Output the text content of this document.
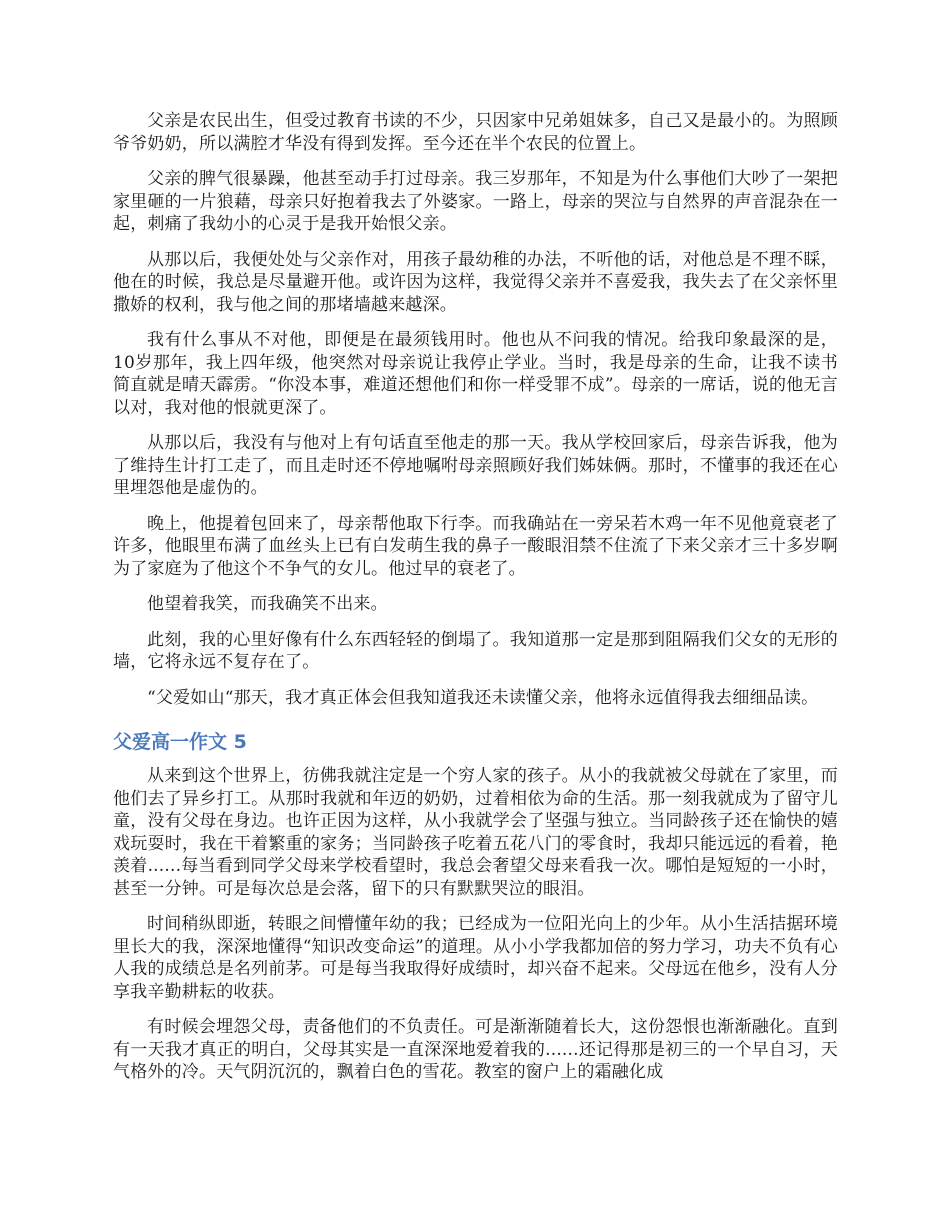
父亲是农民出生，但受过教育书读的不少，只因家中兄弟姐妹多，自己又是最小的。为照顾爷爷奶奶，所以满腔才华没有得到发挥。至今还在半个农民的位置上。

父亲的脾气很暴躁，他甚至动手打过母亲。我三岁那年，不知是为什么事他们大吵了一架把家里砸的一片狼藉，母亲只好抱着我去了外婆家。一路上，母亲的哭泣与自然界的声音混杂在一起，刺痛了我幼小的心灵于是我开始恨父亲。

从那以后，我便处处与父亲作对，用孩子最幼稚的办法，不听他的话，对他总是不理不睬，他在的时候，我总是尽量避开他。或许因为这样，我觉得父亲并不喜爱我，我失去了在父亲怀里撒娇的权利，我与他之间的那堵墙越来越深。

我有什么事从不对他，即便是在最须钱用时。他也从不问我的情况。给我印象最深的是，10岁那年，我上四年级，他突然对母亲说让我停止学业。当时，我是母亲的生命，让我不读书简直就是晴天霹雳。“你没本事，难道还想他们和你一样受罪不成”。母亲的一席话，说的他无言以对，我对他的恨就更深了。

从那以后，我没有与他对上有句话直至他走的那一天。我从学校回家后，母亲告诉我，他为了维持生计打工走了，而且走时还不停地嘱咐母亲照顾好我们姊妹俩。那时，不懂事的我还在心里埋怨他是虚伪的。

晚上，他提着包回来了，母亲帮他取下行李。而我确站在一旁呆若木鸡一年不见他竟衰老了许多，他眼里布满了血丝头上已有白发萌生我的鼻子一酸眼泪禁不住流了下来父亲才三十多岁啊为了家庭为了他这个不争气的女儿。他过早的衰老了。

他望着我笑，而我确笑不出来。

此刻，我的心里好像有什么东西轻轻的倒塌了。我知道那一定是那到阻隔我们父女的无形的墙，它将永远不复存在了。

“父爱如山“那天，我才真正体会但我知道我还未读懂父亲，他将永远值得我去细细品读。

父爱高一作文 5

从来到这个世界上，彷佛我就注定是一个穷人家的孩子。从小的我就被父母就在了家里，而他们去了异乡打工。从那时我就和年迈的奶奶，过着相依为命的生活。那一刻我就成为了留守儿童，没有父母在身边。也许正因为这样，从小我就学会了坚强与独立。当同龄孩子还在愉快的嬉戏玩耍时，我在干着繁重的家务；当同龄孩子吃着五花八门的零食时，我却只能远远的看着，艳羡着......每当看到同学父母来学校看望时，我总会奢望父母来看我一次。哪怕是短短的一小时，甚至一分钟。可是每次总是会落，留下的只有默默哭泣的眼泪。

时间稍纵即逝，转眼之间懵懂年幼的我；已经成为一位阳光向上的少年。从小生活拮据环境里长大的我，深深地懂得“知识改变命运”的道理。从小小学我都加倍的努力学习，功夫不负有心人我的成绩总是名列前茅。可是每当我取得好成绩时，却兴奋不起来。父母远在他乡，没有人分享我辛勤耕耘的收获。

有时候会埋怨父母，责备他们的不负责任。可是渐渐随着长大，这份怨恨也渐渐融化。直到有一天我才真正的明白，父母其实是一直深深地爱着我的......还记得那是初三的一个早自习，天气格外的冷。天气阴沉沉的，飘着白色的雪花。教室的窗户上的霜融化成
